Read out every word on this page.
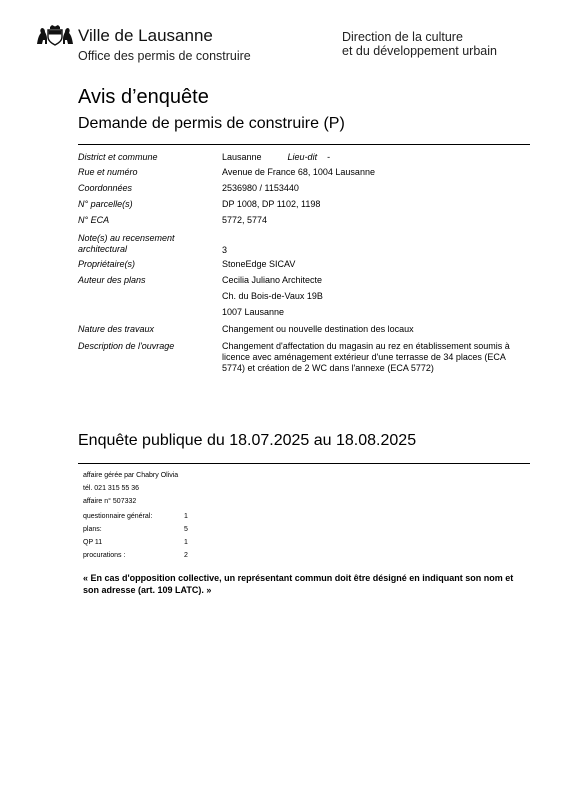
Ville de Lausanne
Office des permis de construire
Direction de la culture
et du développement urbain
Avis d’enquête
Demande de permis de construire (P)
District et commune	Lausanne	Lieu-dit -
Rue et numéro	Avenue de France 68, 1004 Lausanne
Coordonnées	2536980 / 1153440
N° parcelle(s)	DP 1008, DP 1102, 1198
N° ECA	5772, 5774
Note(s) au recensement architectural	3
Propriétaire(s)	StoneEdge SICAV
Auteur des plans	Cecilia Juliano Architecte
Ch. du Bois-de-Vaux 19B
1007 Lausanne
Nature des travaux	Changement ou nouvelle destination des locaux
Description de l'ouvrage	Changement d'affectation du magasin au rez en établissement soumis à licence avec aménagement extérieur d'une terrasse de 34 places (ECA 5774) et création de 2 WC dans l'annexe (ECA 5772)
Enquête publique du 18.07.2025 au 18.08.2025
affaire gérée par Chabry Olivia
tél. 021 315 55 36
affaire n° 507332
questionnaire général:	1
plans:	5
QP 11	1
procurations :	2
« En cas d'opposition collective, un représentant commun doit être désigné en indiquant son nom et son adresse (art. 109 LATC). »
